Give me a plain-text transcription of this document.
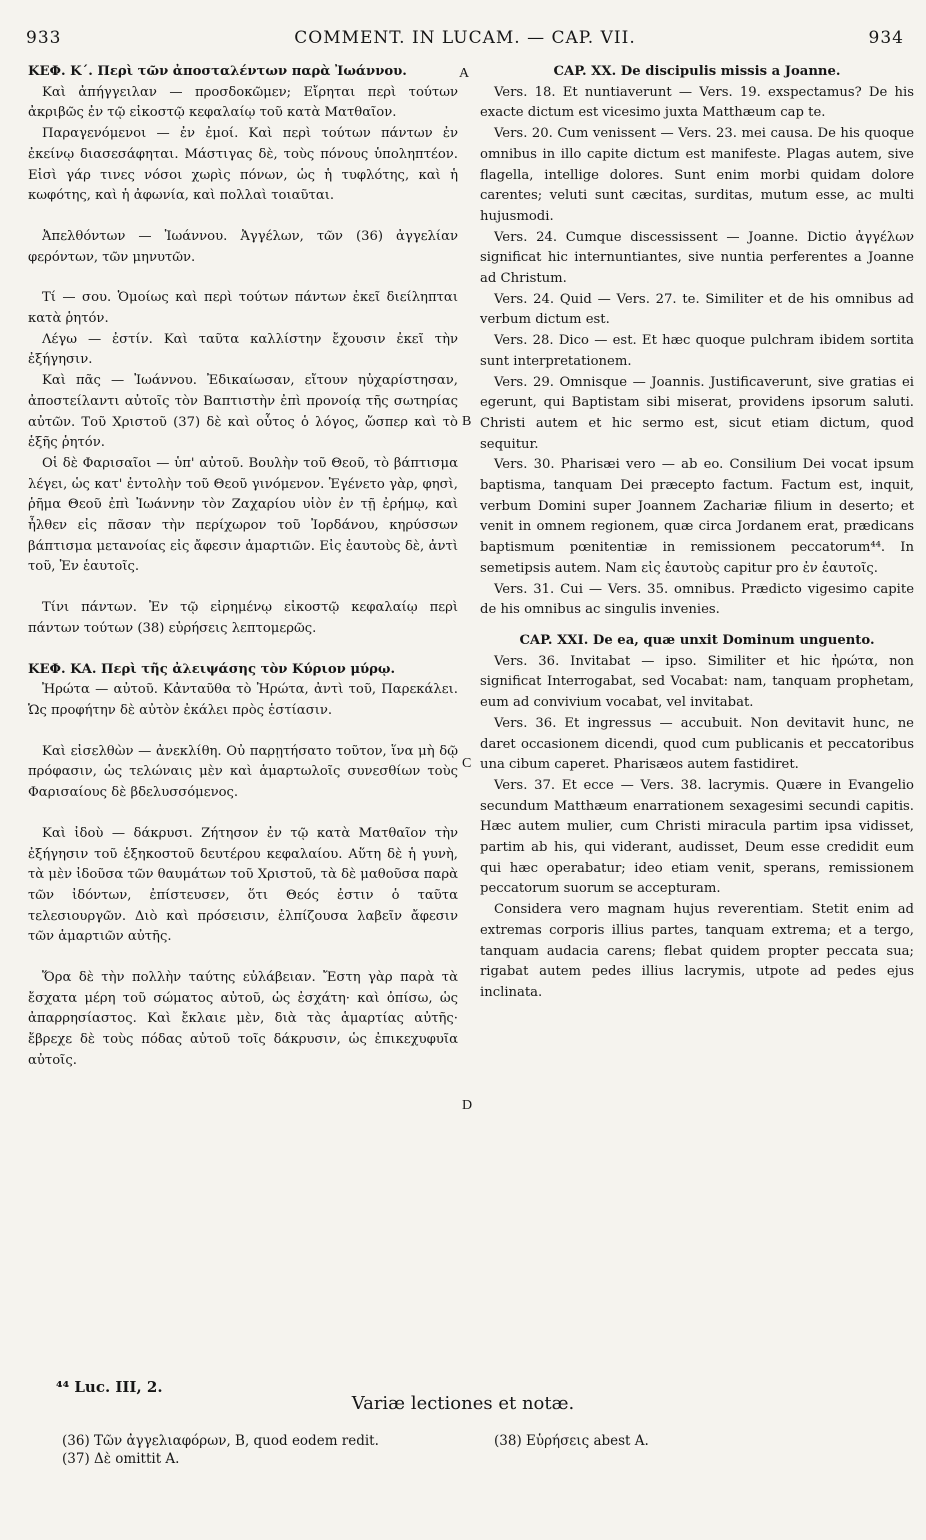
933	COMMENT. IN LUCAM. — CAP. VII.	934
A
B
C
D

ΚΕΦ. Κ΄. Περὶ τῶν ἀποσταλέντων παρὰ Ἰωάννου.

Καὶ ἀπήγγειλαν — προσδοκῶμεν; Εἴρηται περὶ τούτων ἀκριβῶς ἐν τῷ εἰκοστῷ κεφαλαίῳ τοῦ κατὰ Ματθαῖον.

Παραγενόμενοι — ἐν ἐμοί. Καὶ περὶ τούτων πάντων ἐν ἐκείνῳ διασεσάφηται. Μάστιγας δὲ, τοὺς πόνους ὑποληπτέον. Εἰσὶ γάρ τινες νόσοι χωρὶς πόνων, ὡς ἡ τυφλότης, καὶ ἡ κωφότης, καὶ ἡ ἀφωνία, καὶ πολλαὶ τοιαῦται.

Ἀπελθόντων — Ἰωάννου. Ἀγγέλων, τῶν (36) ἀγγελίαν φερόντων, τῶν μηνυτῶν.

Τί — σου. Ὁμοίως καὶ περὶ τούτων πάντων ἐκεῖ διείληπται κατὰ ῥητόν.

Λέγω — ἐστίν. Καὶ ταῦτα καλλίστην ἔχουσιν ἐκεῖ τὴν ἐξήγησιν.

Καὶ πᾶς — Ἰωάννου. Ἐδικαίωσαν, εἴτουν ηὐχαρίστησαν, ἀποστείλαντι αὐτοῖς τὸν Βαπτιστὴν ἐπὶ προνοίᾳ τῆς σωτηρίας αὐτῶν. Τοῦ Χριστοῦ (37) δὲ καὶ οὗτος ὁ λόγος, ὥσπερ καὶ τὸ ἑξῆς ῥητόν.

Οἱ δὲ Φαρισαῖοι — ὑπ' αὐτοῦ. Βουλὴν τοῦ Θεοῦ, τὸ βάπτισμα λέγει, ὡς κατ' ἐντολὴν τοῦ Θεοῦ γινόμενον. Ἐγένετο γὰρ, φησὶ, ῥῆμα Θεοῦ ἐπὶ Ἰωάννην τὸν Ζαχαρίου υἱὸν ἐν τῇ ἐρήμῳ, καὶ ἦλθεν εἰς πᾶσαν τὴν περίχωρον τοῦ Ἰορδάνου, κηρύσσων βάπτισμα μετανοίας εἰς ἄφεσιν ἁμαρτιῶν. Εἰς ἑαυτοὺς δὲ, ἀντὶ τοῦ, Ἐν ἑαυτοῖς.

Τίνι πάντων. Ἐν τῷ εἰρημένῳ εἰκοστῷ κεφαλαίῳ περὶ πάντων τούτων (38) εὑρήσεις λεπτομερῶς.

ΚΕΦ. ΚΑ. Περὶ τῆς ἀλειψάσης τὸν Κύριον μύρῳ.

Ἠρώτα — αὐτοῦ. Κἀνταῦθα τὸ Ἠρώτα, ἀντὶ τοῦ, Παρεκάλει. Ὡς προφήτην δὲ αὐτὸν ἐκάλει πρὸς ἑστίασιν.

Καὶ εἰσελθὼν — ἀνεκλίθη. Οὐ παρῃτήσατο τοῦτον, ἵνα μὴ δῷ πρόφασιν, ὡς τελώναις μὲν καὶ ἁμαρτωλοῖς συνεσθίων τοὺς Φαρισαίους δὲ βδελυσσόμενος.

Καὶ ἰδοὺ — δάκρυσι. Ζήτησον ἐν τῷ κατὰ Ματθαῖον τὴν ἐξήγησιν τοῦ ἑξηκοστοῦ δευτέρου κεφαλαίου. Αὕτη δὲ ἡ γυνὴ, τὰ μὲν ἰδοῦσα τῶν θαυμάτων τοῦ Χριστοῦ, τὰ δὲ μαθοῦσα παρὰ τῶν ἰδόντων, ἐπίστευσεν, ὅτι Θεός ἐστιν ὁ ταῦτα τελεσιουργῶν. Διὸ καὶ πρόσεισιν, ἐλπίζουσα λαβεῖν ἄφεσιν τῶν ἁμαρτιῶν αὐτῆς.

Ὅρα δὲ τὴν πολλὴν ταύτης εὐλάβειαν. Ἔστη γὰρ παρὰ τὰ ἔσχατα μέρη τοῦ σώματος αὐτοῦ, ὡς ἐσχάτη· καὶ ὀπίσω, ὡς ἀπαρρησίαστος. Καὶ ἔκλαιε μὲν, διὰ τὰς ἁμαρτίας αὐτῆς· ἔβρεχε δὲ τοὺς πόδας αὐτοῦ τοῖς δάκρυσιν, ὡς ἐπικεχυφυῖα αὐτοῖς.

CAP. XX. De discipulis missis a Joanne.

Vers. 18. Et nuntiaverunt — Vers. 19. exspectamus? De his exacte dictum est vicesimo juxta Matthæum cap te.

Vers. 20. Cum venissent — Vers. 23. mei causa. De his quoque omnibus in illo capite dictum est manifeste. Plagas autem, sive flagella, intellige dolores. Sunt enim morbi quidam dolore carentes; veluti sunt cæcitas, surditas, mutum esse, ac multi hujusmodi.

Vers. 24. Cumque discessissent — Joanne. Dictio ἀγγέλων significat hic internuntiantes, sive nuntia perferentes a Joanne ad Christum.

Vers. 24. Quid — Vers. 27. te. Similiter et de his omnibus ad verbum dictum est.

Vers. 28. Dico — est. Et hæc quoque pulchram ibidem sortita sunt interpretationem.

Vers. 29. Omnisque — Joannis. Justificaverunt, sive gratias ei egerunt, qui Baptistam sibi miserat, providens ipsorum saluti. Christi autem et hic sermo est, sicut etiam dictum, quod sequitur.

Vers. 30. Pharisæi vero — ab eo. Consilium Dei vocat ipsum baptisma, tanquam Dei præcepto factum. Factum est, inquit, verbum Domini super Joannem Zachariæ filium in deserto; et venit in omnem regionem, quæ circa Jordanem erat, prædicans baptismum pœnitentiæ in remissionem peccatorum⁴⁴. In semetipsis autem. Nam εἰς ἑαυτοὺς capitur pro ἐν ἑαυτοῖς.

Vers. 31. Cui — Vers. 35. omnibus. Prædicto vigesimo capite de his omnibus ac singulis invenies.

CAP. XXI. De ea, quæ unxit Dominum unguento.

Vers. 36. Invitabat — ipso. Similiter et hic ἠρώτα, non significat Interrogabat, sed Vocabat: nam, tanquam prophetam, eum ad convivium vocabat, vel invitabat.

Vers. 36. Et ingressus — accubuit. Non devitavit hunc, ne daret occasionem dicendi, quod cum publicanis et peccatoribus una cibum caperet. Pharisæos autem fastidiret.

Vers. 37. Et ecce — Vers. 38. lacrymis. Quære in Evangelio secundum Matthæum enarrationem sexagesimi secundi capitis. Hæc autem mulier, cum Christi miracula partim ipsa vidisset, partim ab his, qui viderant, audisset, Deum esse credidit eum qui hæc operabatur; ideo etiam venit, sperans, remissionem peccatorum suorum se accepturam.

Considera vero magnam hujus reverentiam. Stetit enim ad extremas corporis illius partes, tanquam extrema; et a tergo, tanquam audacia carens; flebat quidem propter peccata sua; rigabat autem pedes illius lacrymis, utpote ad pedes ejus inclinata.

⁴⁴ Luc. III, 2.
Variæ lectiones et notæ.
(36) Τῶν ἀγγελιαφόρων, B, quod eodem redit.
(37) Δὲ omittit A.
(38) Εὑρήσεις abest A.
